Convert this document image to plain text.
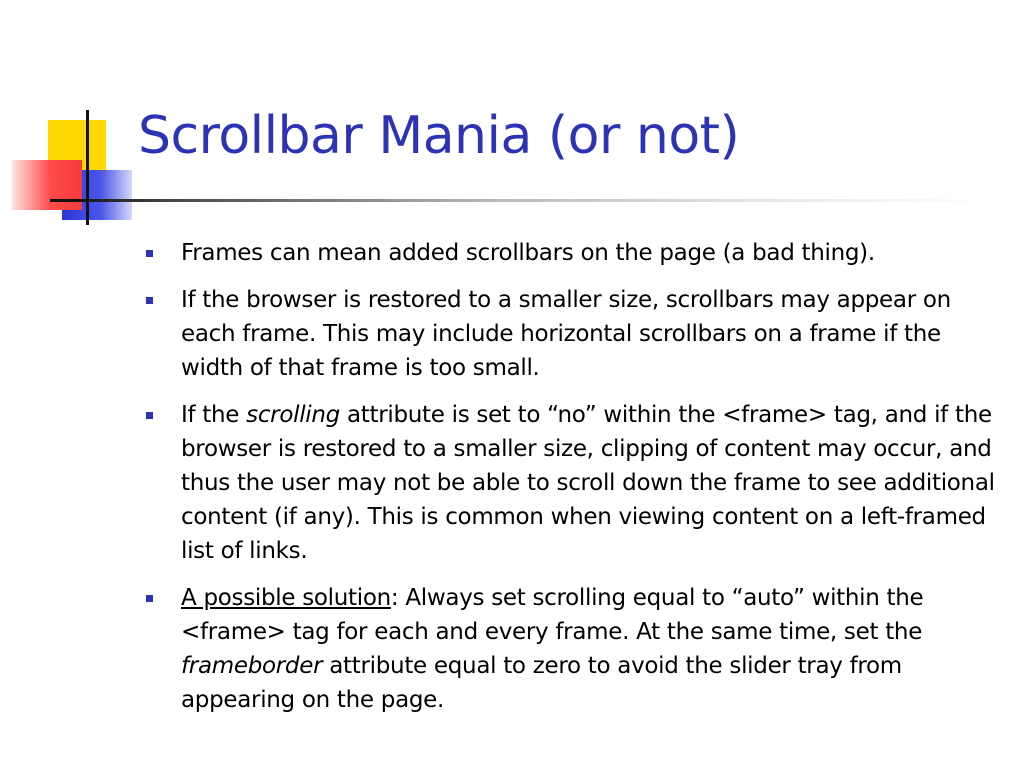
Scrollbar Mania (or not)
Frames can mean added scrollbars on the page (a bad thing).
If the browser is restored to a smaller size, scrollbars may appear on each frame. This may include horizontal scrollbars on a frame if the width of that frame is too small.
If the scrolling attribute is set to “no” within the <frame> tag, and if the browser is restored to a smaller size, clipping of content may occur, and thus the user may not be able to scroll down the frame to see additional content (if any). This is common when viewing content on a left-framed list of links.
A possible solution: Always set scrolling equal to “auto” within the <frame> tag for each and every frame. At the same time, set the frameborder attribute equal to zero to avoid the slider tray from appearing on the page.
